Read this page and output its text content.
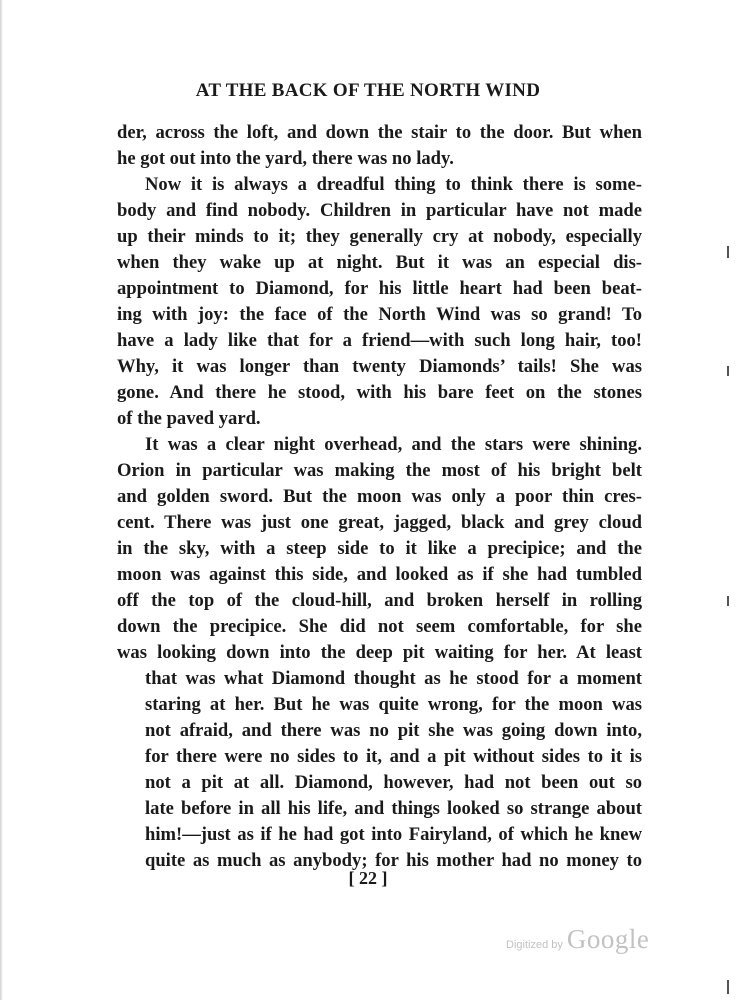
AT THE BACK OF THE NORTH WIND
der, across the loft, and down the stair to the door. But when
he got out into the yard, there was no lady.
Now it is always a dreadful thing to think there is some-
body and find nobody. Children in particular have not made
up their minds to it; they generally cry at nobody, especially
when they wake up at night. But it was an especial dis-
appointment to Diamond, for his little heart had been beat-
ing with joy: the face of the North Wind was so grand! To
have a lady like that for a friend—with such long hair, too!
Why, it was longer than twenty Diamonds’ tails! She was
gone. And there he stood, with his bare feet on the stones
of the paved yard.
It was a clear night overhead, and the stars were shining.
Orion in particular was making the most of his bright belt
and golden sword. But the moon was only a poor thin cres-
cent. There was just one great, jagged, black and grey cloud
in the sky, with a steep side to it like a precipice; and the
moon was against this side, and looked as if she had tumbled
off the top of the cloud-hill, and broken herself in rolling
down the precipice. She did not seem comfortable, for she
was looking down into the deep pit waiting for her. At least
that was what Diamond thought as he stood for a moment
staring at her. But he was quite wrong, for the moon was
not afraid, and there was no pit she was going down into,
for there were no sides to it, and a pit without sides to it is
not a pit at all. Diamond, however, had not been out so
late before in all his life, and things looked so strange about
him!—just as if he had got into Fairyland, of which he knew
quite as much as anybody; for his mother had no money to
[ 22 ]
Digitized by Google
